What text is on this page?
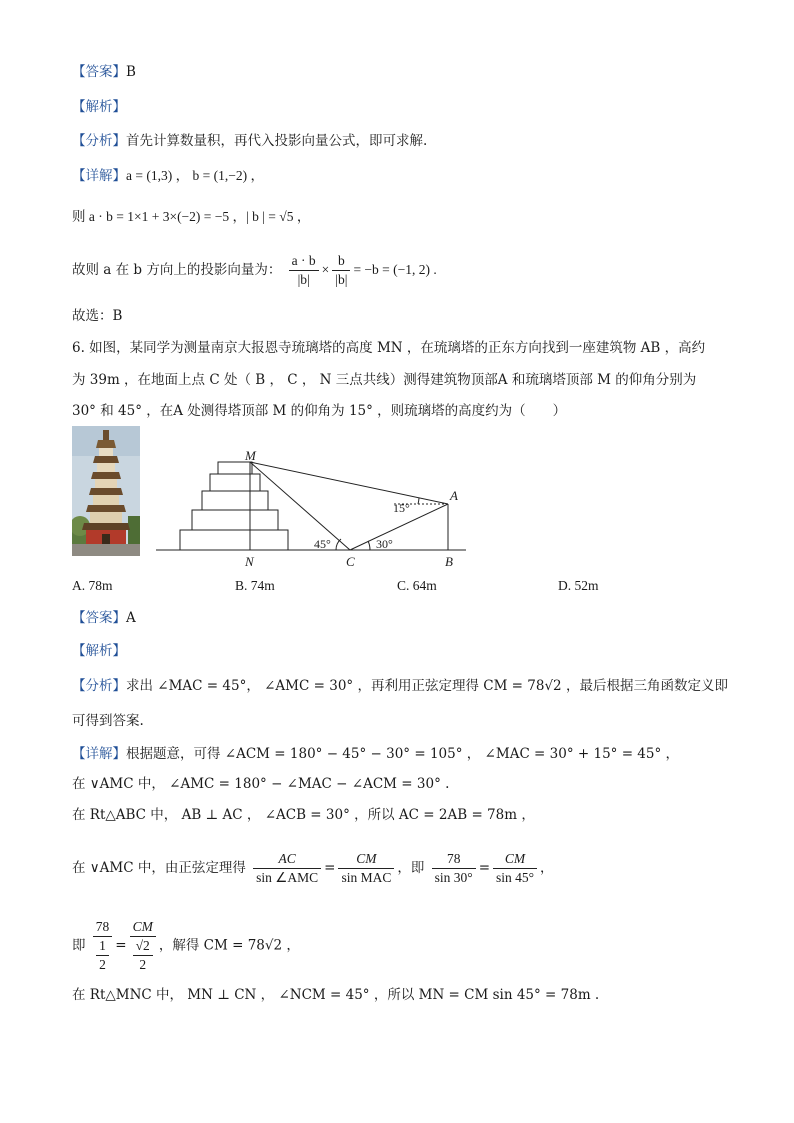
【答案】B
【解析】
【分析】首先计算数量积，再代入投影向量公式，即可求解.
【详解】a = (1,3) ， b = (1,−2) ，
则 a · b = 1×1 + 3×(−2) = −5 ，| b | = √5 ，
故则 a 在 b 方向上的投影向量为： $\frac{a \cdot b}{|b|} \times \frac{b}{|b|} = -b = (-1$, 2) .
故选：B
6. 如图，某同学为测量南京大报恩寺琉璃塔的高度 MN ，在琉璃塔的正东方向找到一座建筑物 AB ，高约
为 39m ，在地面上点 C 处（ B ， C ， N 三点共线）测得建筑物顶部A 和琉璃塔顶部 M 的仰角分别为
30° 和 45° ，在A 处测得塔顶部 M 的仰角为 15° ，则琉璃塔的高度约为（　　）
M
A
N	C	B
15°
45°	30°
A. 78m	B. 74m	C. 64m	D. 52m
【答案】A
【解析】
【分析】求出 ∠MAC = 45°， ∠AMC = 30° ，再利用正弦定理得 CM = 78√2 ，最后根据三角函数定义即
可得到答案.
【详解】根据题意，可得 ∠ACM = 180° − 45° − 30° = 105° ， ∠MAC = 30° + 15° = 45° ，
在 ∨AMC 中， ∠AMC = 180° − ∠MAC − ∠ACM = 30° .
在 Rt△ABC 中， AB ⊥ AC ， ∠ACB = 30° ，所以 AC = 2AB = 78m ，
在 ∨AMC 中，由正弦定理得 $\frac{AC}{\text{sin ∠AMC}} = \frac{CM}{\text{sin MAC}}$ ，即 $\frac{78}{\sin 30^\circ} = \frac{CM}{\sin 45^\circ}$ ，
即 $\frac{78}{\frac{1}{2}} = \frac{CM}{\frac{√2}{2}}$ ，解得 CM = 78√2 ，
在 Rt△MNC 中， MN ⊥ CN ， ∠NCM = 45° ，所以 MN = CM sin 45° = 78m .
